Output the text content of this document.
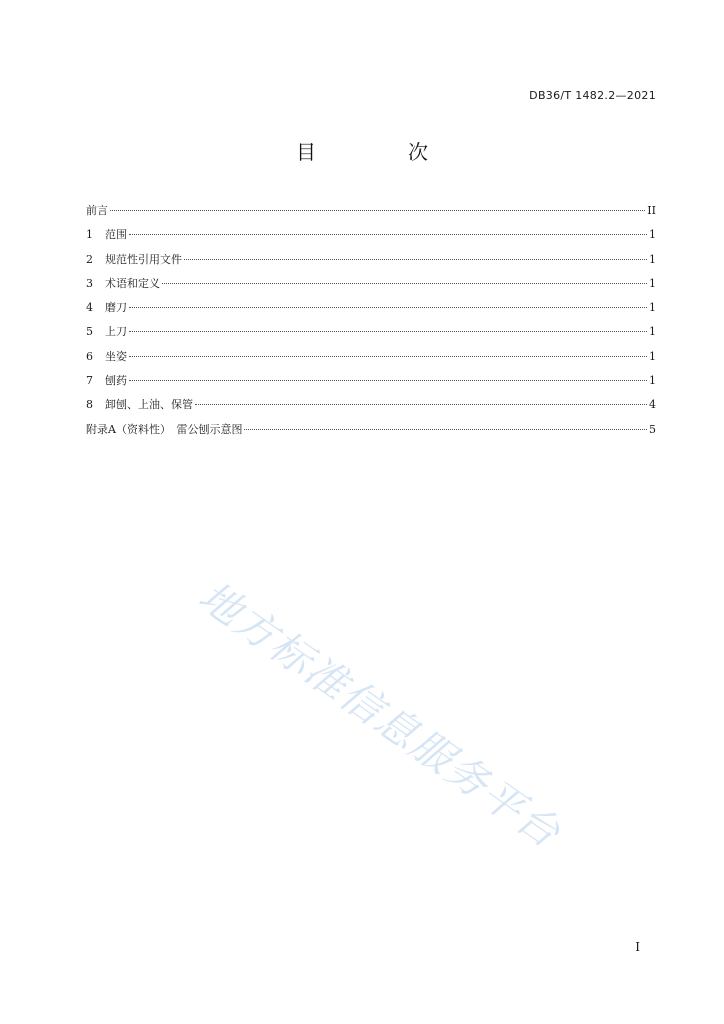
DB36/T 1482.2—2021
目　次
前言	II
1	范围	1
2	规范性引用文件	1
3	术语和定义	1
4	磨刀	1
5	上刀	1
6	坐姿	1
7	刨药	1
8	卸刨、上油、保管	4
附录A（资料性）　雷公刨示意图	5
地方标准信息服务平台
I
